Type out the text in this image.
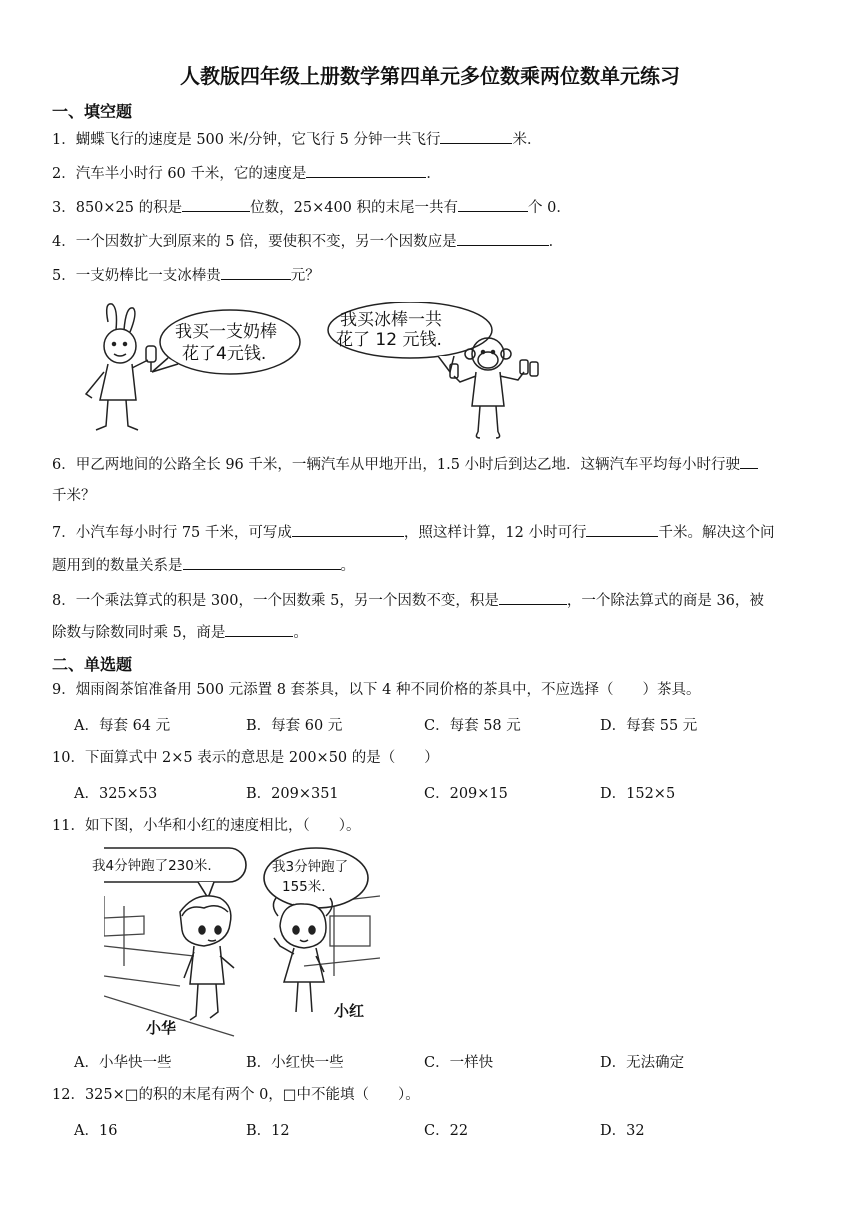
人教版四年级上册数学第四单元多位数乘两位数单元练习
一、填空题
1．蝴蝶飞行的速度是 500 米/分钟，它飞行 5 分钟一共飞行	米．
2．汽车半小时行 60 千米，它的速度是	．
3．850×25 的积是	位数，25×400 积的末尾一共有	个 0．
4．一个因数扩大到原来的 5 倍，要使积不变，另一个因数应是	．
5．一支奶棒比一支冰棒贵	元？
我买一支奶棒
花了4元钱.
我买冰棒一共
花了 12 元钱.
6．甲乙两地间的公路全长 96 千米，一辆汽车从甲地开出，1.5 小时后到达乙地．这辆汽车平均每小时行驶
千米？
7．小汽车每小时行 75 千米，可写成	，照这样计算，12 小时可行	千米。解决这个问
题用到的数量关系是	。
8．一个乘法算式的积是 300，一个因数乘 5，另一个因数不变，积是	，一个除法算式的商是 36，被
除数与除数同时乘 5，商是	。
二、单选题
9．烟雨阁茶馆准备用 500 元添置 8 套茶具，以下 4 种不同价格的茶具中，不应选择（　　）茶具。
A．每套 64 元	B．每套 60 元	C．每套 58 元	D．每套 55 元
10．下面算式中 2×5 表示的意思是 200×50 的是（　　）
A．325×53	B．209×351	C．209×15	D．152×5
11．如下图，小华和小红的速度相比，（　　）。
我4分钟跑了230米.	我3分钟跑了
155米.
小华
小红
A．小华快一些	B．小红快一些	C．一样快	D．无法确定
12．325×□的积的末尾有两个 0，□中不能填（　　）。
A．16	B．12	C．22	D．32
